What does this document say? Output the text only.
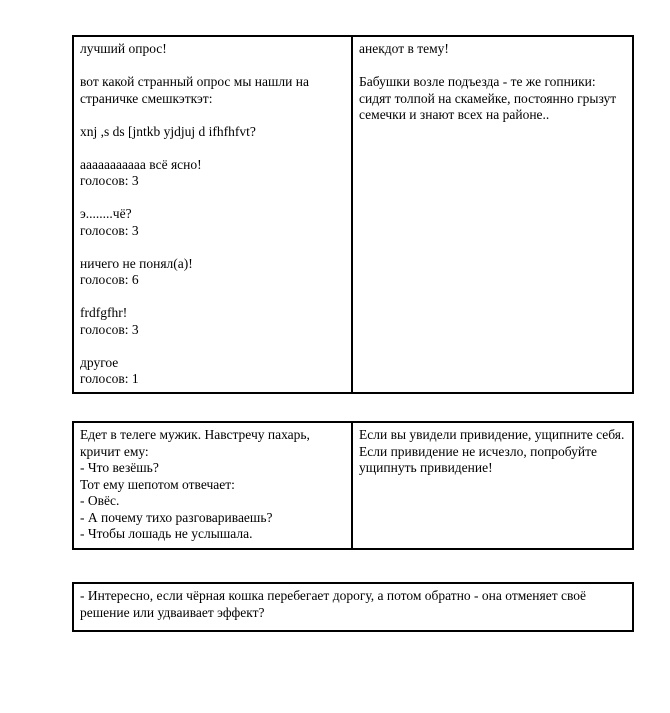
лучший опрос!

вот какой странный опрос мы нашли на страничке смешкэткэт:

xnj ,s ds [jntkb yjdjuj d ifhfhfvt?

ааааааааааа всё ясно!
голосов: 3
э........чё?
голосов: 3
ничего не понял(а)!
голосов: 6
frdfgfhr!
голосов: 3
другое
голосов: 1

анекдот в тему!

Бабушки возле подъезда - те же гопники: сидят толпой на скамейке, постоянно грызут семечки и знают всех на районе..

Едет в телеге мужик. Навстречу пахарь, кричит ему:
- Что везёшь?
Тот ему шепотом отвечает:
- Овёс.
- А почему тихо разговариваешь?
- Чтобы лошадь не услышала.

Если вы увидели привидение, ущипните себя. Если привидение не исчезло, попробуйте ущипнуть привидение!

- Интересно, если чёрная кошка перебегает дорогу, а потом обратно - она отменяет своё решение или удваивает эффект?
